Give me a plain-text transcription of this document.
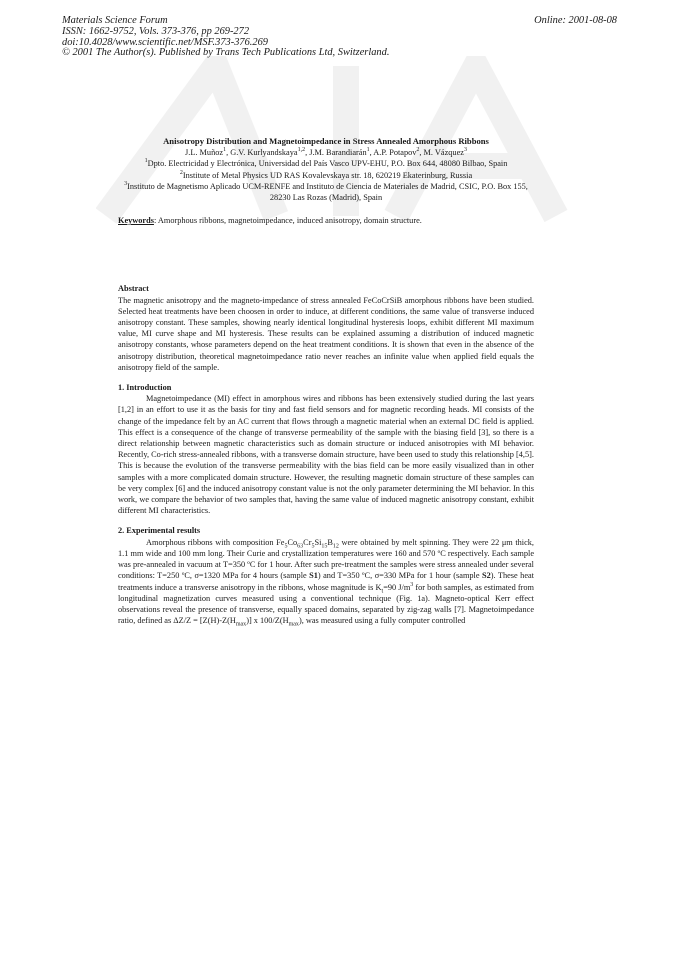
Materials Science Forum
ISSN: 1662-9752, Vols. 373-376, pp 269-272
doi:10.4028/www.scientific.net/MSF.373-376.269
© 2001 The Author(s). Published by Trans Tech Publications Ltd, Switzerland.
Online: 2001-08-08

Anisotropy Distribution and Magnetoimpedance in Stress Annealed Amorphous Ribbons

J.L. Muñoz$^1$, G.V. Kurlyandskaya$^{1,2}$, J.M. Barandiarán$^1$, A.P. Potapov$^2$, M. Vázquez$^3$

$^1$Dpto. Electricidad y Electrónica, Universidad del País Vasco UPV-EHU, P.O. Box 644, 48080 Bilbao, Spain

$^2$Institute of Metal Physics UD RAS Kovalevskaya str. 18, 620219 Ekaterinburg, Russia

$^3$Instituto de Magnetismo Aplicado UCM-RENFE and Instituto de Ciencia de Materiales de Madrid, CSIC, P.O. Box 155, 28230 Las Rozas (Madrid), Spain

Keywords: Amorphous ribbons, magnetoimpedance, induced anisotropy, domain structure.

Abstract

The magnetic anisotropy and the magneto-impedance of stress annealed FeCoCrSiB amorphous ribbons have been studied. Selected heat treatments have been choosen in order to induce, at different conditions, the same value of transverse induced anisotropy constant. These samples, showing nearly identical longitudinal hysteresis loops, exhibit different MI maximum value, MI curve shape and MI hysteresis. These results can be explained assuming a distribution of induced magnetic anisotropy constants, whose parameters depend on the heat treatment conditions. It is shown that even in the absence of the anisotropy distribution, theoretical magnetoimpedance ratio never reaches an infinite value when applied field equals the anisotropy field of the sample.

1. Introduction

Magnetoimpedance (MI) effect in amorphous wires and ribbons has been extensively studied during the last years [1,2] in an effort to use it as the basis for tiny and fast field sensors and for magnetic recording heads. MI consists of the change of the impedance felt by an AC current that flows through a magnetic material when an external DC field is applied. This effect is a consequence of the change of transverse permeability of the sample with the biasing field [3], so there is a direct relationship between magnetic characteristics such as domain structure or induced anisotropies with MI behavior. Recently, Co-rich stress-annealed ribbons, with a transverse domain structure, have been used to study this relationship [4,5]. This is because the evolution of the transverse permeability with the bias field can be more easily visualized than in other samples with a more complicated domain structure. However, the resulting magnetic domain structure of these samples can be very complex [6] and the induced anisotropy constant value is not the only parameter determining the MI behavior. In this work, we compare the behavior of two samples that, having the same value of induced magnetic anisotropy constant, exhibit different MI characteristics.

2. Experimental results

Amorphous ribbons with composition $Fe_5Co_{63}Cr_5Si_{15}B_{12}$ were obtained by melt spinning. They were 22 μm thick, 1.1 mm wide and 100 mm long. Their Curie and crystallization temperatures were 160 and 570 ºC respectively. Each sample was pre-annealed in vacuum at T=350 ºC for 1 hour. After such pre-treatment the samples were stress annealed under several conditions: T=250 ºC, σ=1320 MPa for 4 hours (sample S1) and T=350 ºC, σ=330 MPa for 1 hour (sample S2). These heat treatments induce a transverse anisotropy in the ribbons, whose magnitude is $K_t=90$ $J/m^3$ for both samples, as estimated from longitudinal magnetization curves measured using a conventional technique (Fig. 1a). Magneto-optical Kerr effect observations reveal the presence of transverse, equally spaced domains, separated by zig-zag walls [7]. Magnetoimpedance ratio, defined as $\Delta Z/Z = [Z(H)-Z(H_{max})]$ x $100/Z(H_{max})$, was measured using a fully computer controlled
